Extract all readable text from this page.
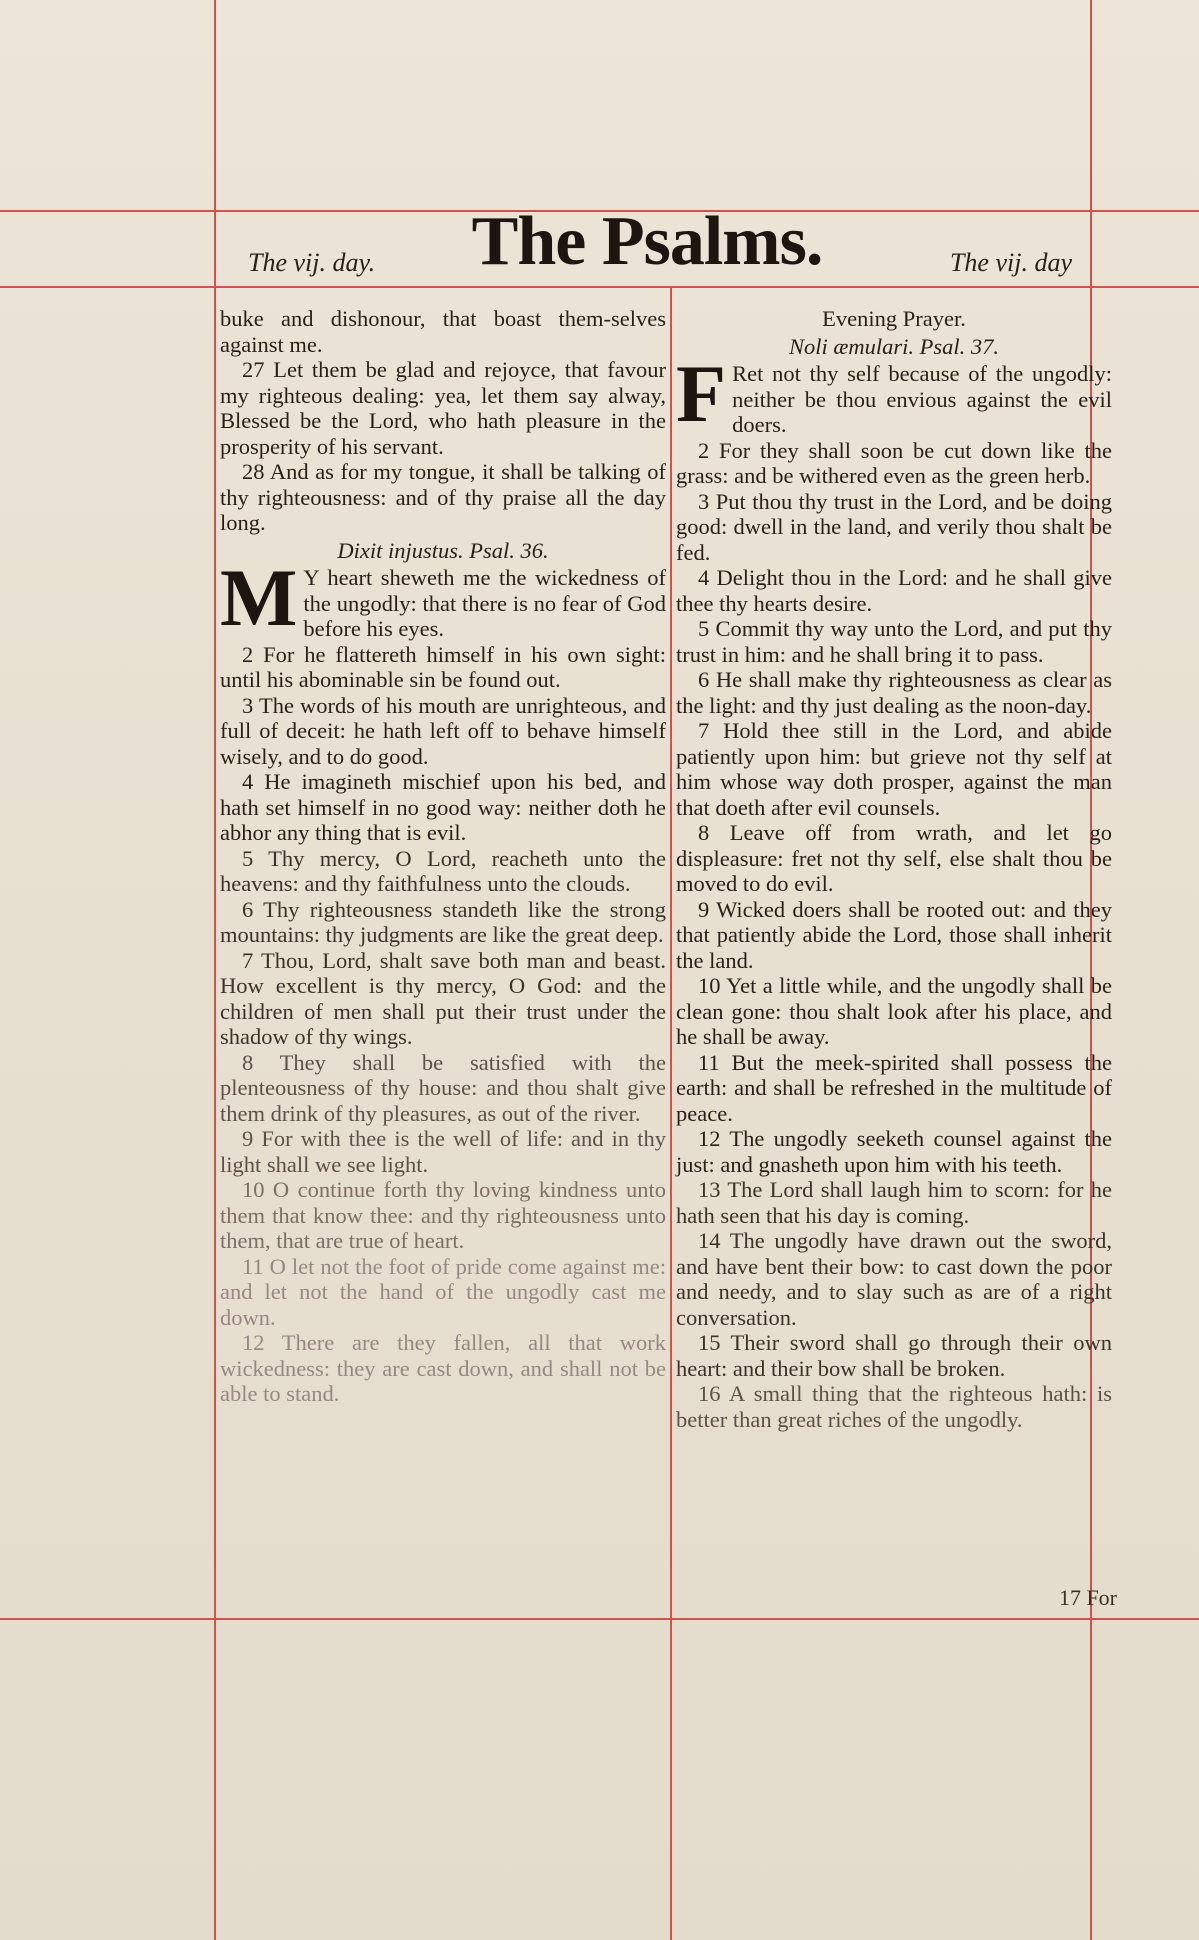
The vij. day.	The Psalms.	The vij. day

buke and dishonour, that boast them-selves against me.

27 Let them be glad and rejoyce, that favour my righteous dealing: yea, let them say alway, Blessed be the Lord, who hath pleasure in the prosperity of his servant.

28 And as for my tongue, it shall be talking of thy righteousness: and of thy praise all the day long.

Dixit injustus. Psal. 36.

M Y heart sheweth me the wickedness of the ungodly: that there is no fear of God before his eyes.

2 For he flattereth himself in his own sight: until his abominable sin be found out.

3 The words of his mouth are unrighteous, and full of deceit: he hath left off to behave himself wisely, and to do good.

4 He imagineth mischief upon his bed, and hath set himself in no good way: neither doth he abhor any thing that is evil.

5 Thy mercy, O Lord, reacheth unto the heavens: and thy faithfulness unto the clouds.

6 Thy righteousness standeth like the strong mountains: thy judgments are like the great deep.

7 Thou, Lord, shalt save both man and beast. How excellent is thy mercy, O God: and the children of men shall put their trust under the shadow of thy wings.

8 They shall be satisfied with the plenteousness of thy house: and thou shalt give them drink of thy pleasures, as out of the river.

9 For with thee is the well of life: and in thy light shall we see light.

10 O continue forth thy loving kindness unto them that know thee: and thy righteousness unto them, that are true of heart.

11 O let not the foot of pride come against me: and let not the hand of the ungodly cast me down.

12 There are they fallen, all that work wickedness: they are cast down, and shall not be able to stand.

Evening Prayer.

Noli æmulari. Psal. 37.

F Ret not thy self because of the ungodly: neither be thou envious against the evil doers.

2 For they shall soon be cut down like the grass: and be withered even as the green herb.

3 Put thou thy trust in the Lord, and be doing good: dwell in the land, and verily thou shalt be fed.

4 Delight thou in the Lord: and he shall give thee thy hearts desire.

5 Commit thy way unto the Lord, and put thy trust in him: and he shall bring it to pass.

6 He shall make thy righteousness as clear as the light: and thy just dealing as the noon-day.

7 Hold thee still in the Lord, and abide patiently upon him: but grieve not thy self at him whose way doth prosper, against the man that doeth after evil counsels.

8 Leave off from wrath, and let go displeasure: fret not thy self, else shalt thou be moved to do evil.

9 Wicked doers shall be rooted out: and they that patiently abide the Lord, those shall inherit the land.

10 Yet a little while, and the ungodly shall be clean gone: thou shalt look after his place, and he shall be away.

11 But the meek-spirited shall possess the earth: and shall be refreshed in the multitude of peace.

12 The ungodly seeketh counsel against the just: and gnasheth upon him with his teeth.

13 The Lord shall laugh him to scorn: for he hath seen that his day is coming.

14 The ungodly have drawn out the sword, and have bent their bow: to cast down the poor and needy, and to slay such as are of a right conversation.

15 Their sword shall go through their own heart: and their bow shall be broken.

16 A small thing that the righteous hath: is better than great riches of the ungodly.

17 For
